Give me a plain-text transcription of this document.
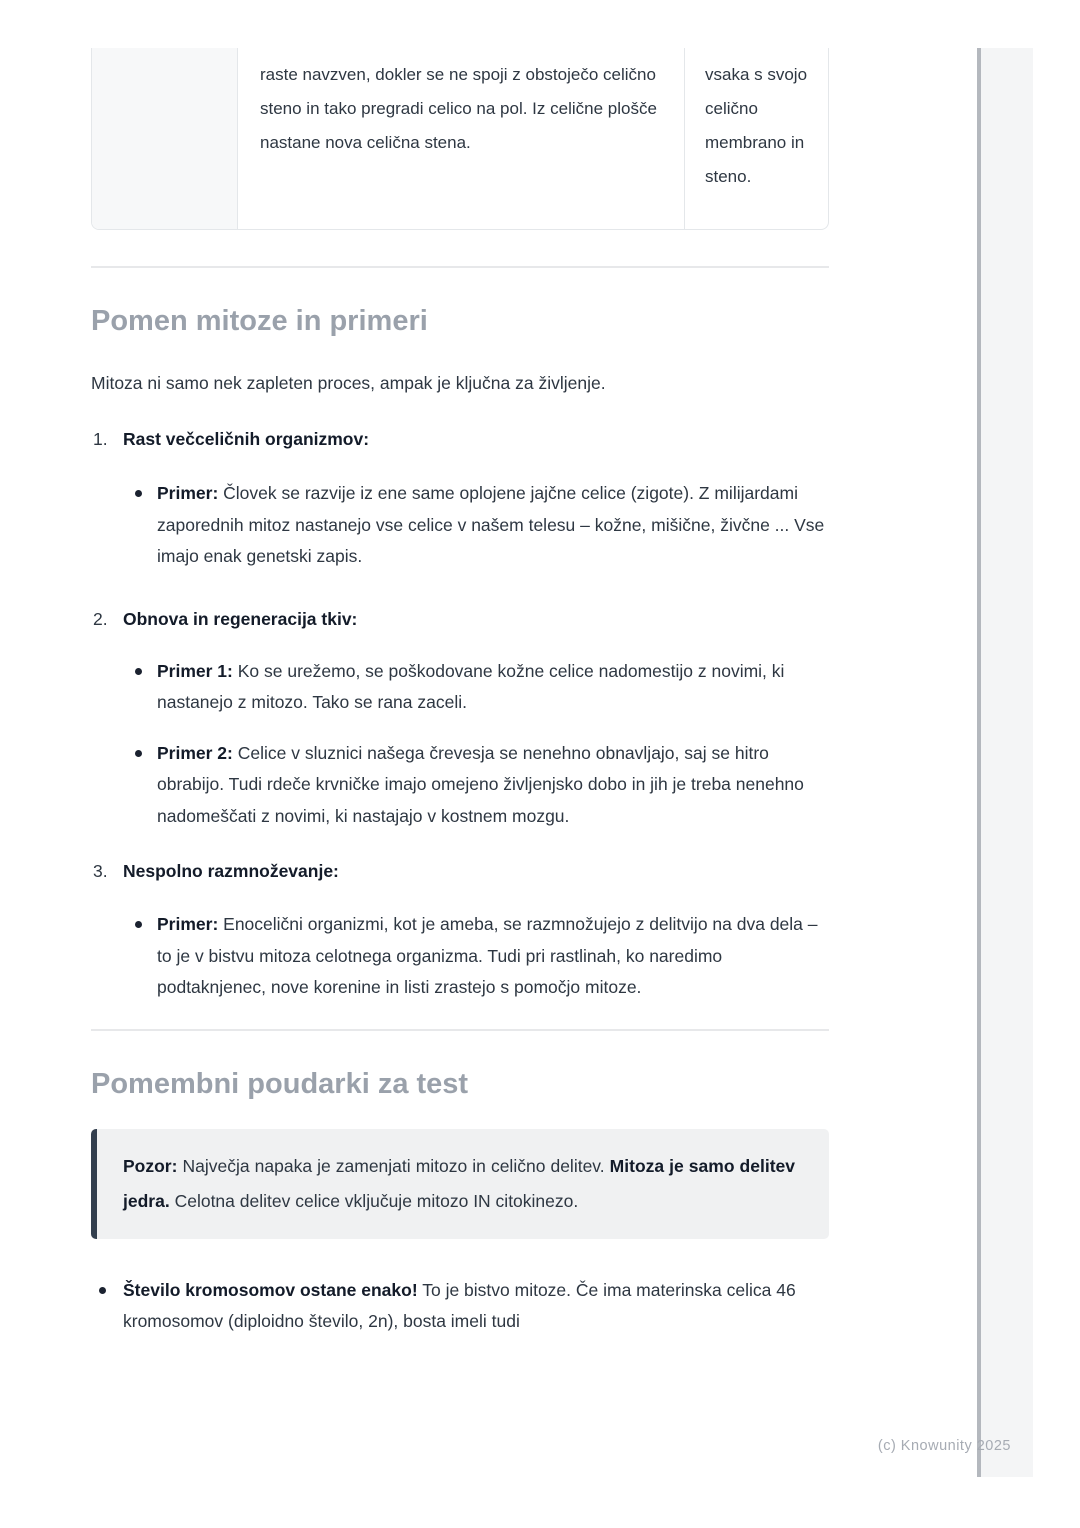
raste navzven, dokler se ne spoji z obstoječo celično steno in tako pregradi celico na pol. Iz celične plošče nastane nova celična stena.
vsaka s svojo celično membrano in steno.
Pomen mitoze in primeri

Mitoza ni samo nek zapleten proces, ampak je ključna za življenje.

1. Rast večceličnih organizmov:
Primer: Človek se razvije iz ene same oplojene jajčne celice (zigote). Z milijardami zaporednih mitoz nastanejo vse celice v našem telesu – kožne, mišične, živčne ... Vse imajo enak genetski zapis.
2. Obnova in regeneracija tkiv:
Primer 1: Ko se urežemo, se poškodovane kožne celice nadomestijo z novimi, ki nastanejo z mitozo. Tako se rana zaceli.
Primer 2: Celice v sluznici našega črevesja se nenehno obnavljajo, saj se hitro obrabijo. Tudi rdeče krvničke imajo omejeno življenjsko dobo in jih je treba nenehno nadomeščati z novimi, ki nastajajo v kostnem mozgu.
3. Nespolno razmnoževanje:
Primer: Enocelični organizmi, kot je ameba, se razmnožujejo z delitvijo na dva dela – to je v bistvu mitoza celotnega organizma. Tudi pri rastlinah, ko naredimo podtaknjenec, nove korenine in listi zrastejo s pomočjo mitoze.
Pomembni poudarki za test
Pozor: Največja napaka je zamenjati mitozo in celično delitev. Mitoza je samo delitev jedra. Celotna delitev celice vključuje mitozo IN citokinezo.
Število kromosomov ostane enako! To je bistvo mitoze. Če ima materinska celica 46 kromosomov (diploidno število, 2n), bosta imeli tudi
(c) Knowunity 2025
